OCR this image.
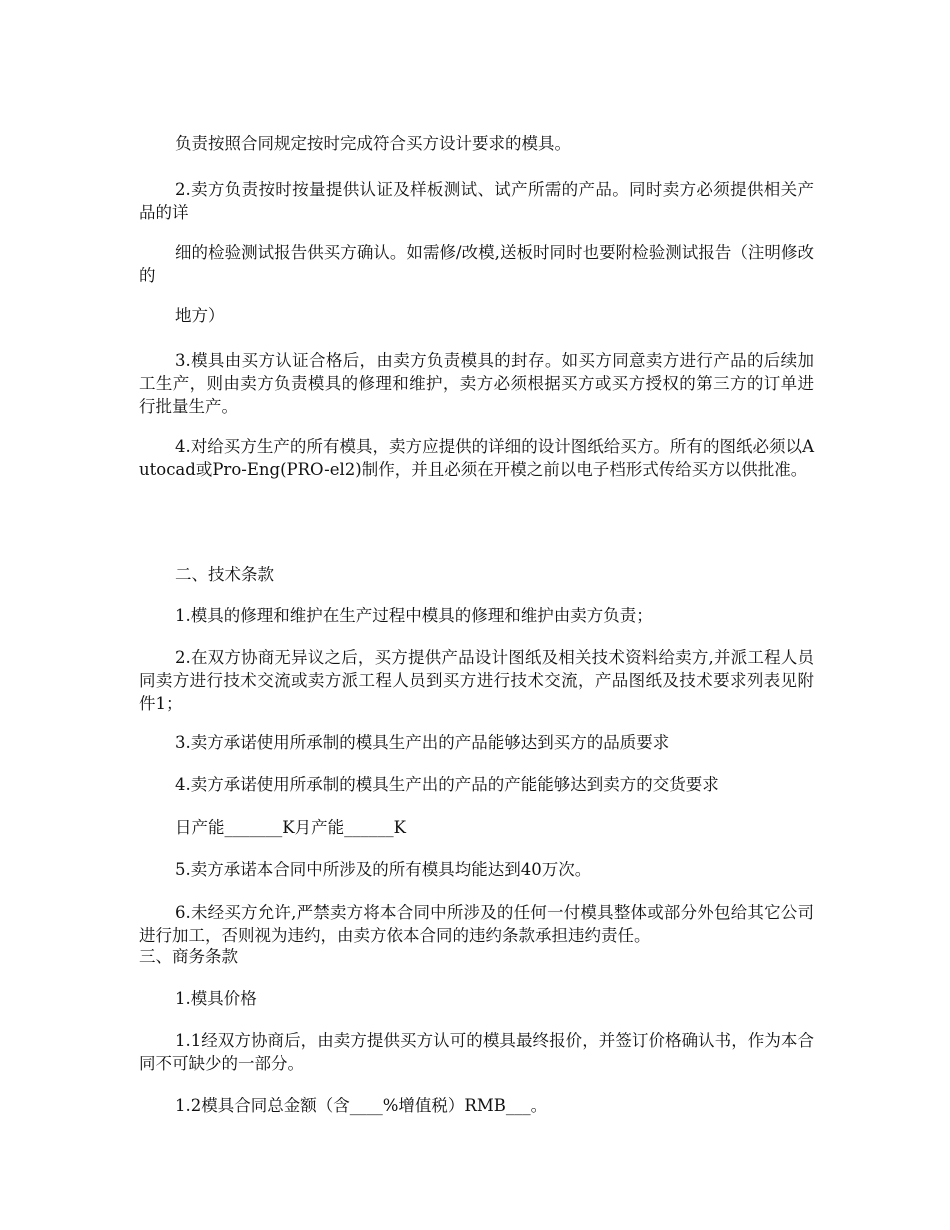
负责按照合同规定按时完成符合买方设计要求的模具。

2.卖方负责按时按量提供认证及样板测试、试产所需的产品。同时卖方必须提供相关产品的详

细的检验测试报告供买方确认。如需修/改模,送板时同时也要附检验测试报告（注明修改的

地方）

3.模具由买方认证合格后，由卖方负责模具的封存。如买方同意卖方进行产品的后续加工生产，则由卖方负责模具的修理和维护，卖方必须根据买方或买方授权的第三方的订单进行批量生产。

4.对给买方生产的所有模具，卖方应提供的详细的设计图纸给买方。所有的图纸必须以Autocad或Pro-Eng(PRO-el2)制作，并且必须在开模之前以电子档形式传给买方以供批准。

二、技术条款

1.模具的修理和维护在生产过程中模具的修理和维护由卖方负责；

2.在双方协商无异议之后，买方提供产品设计图纸及相关技术资料给卖方,并派工程人员同卖方进行技术交流或卖方派工程人员到买方进行技术交流，产品图纸及技术要求列表见附件1；

3.卖方承诺使用所承制的模具生产出的产品能够达到买方的品质要求

4.卖方承诺使用所承制的模具生产出的产品的产能能够达到卖方的交货要求

日产能_______K月产能______K

5.卖方承诺本合同中所涉及的所有模具均能达到40万次。

6.未经买方允许,严禁卖方将本合同中所涉及的任何一付模具整体或部分外包给其它公司进行加工，否则视为违约，由卖方依本合同的违约条款承担违约责任。

三、商务条款

1.模具价格

1.1经双方协商后，由卖方提供买方认可的模具最终报价，并签订价格确认书，作为本合同不可缺少的一部分。

1.2模具合同总金额（含____%增值税）RMB___。
